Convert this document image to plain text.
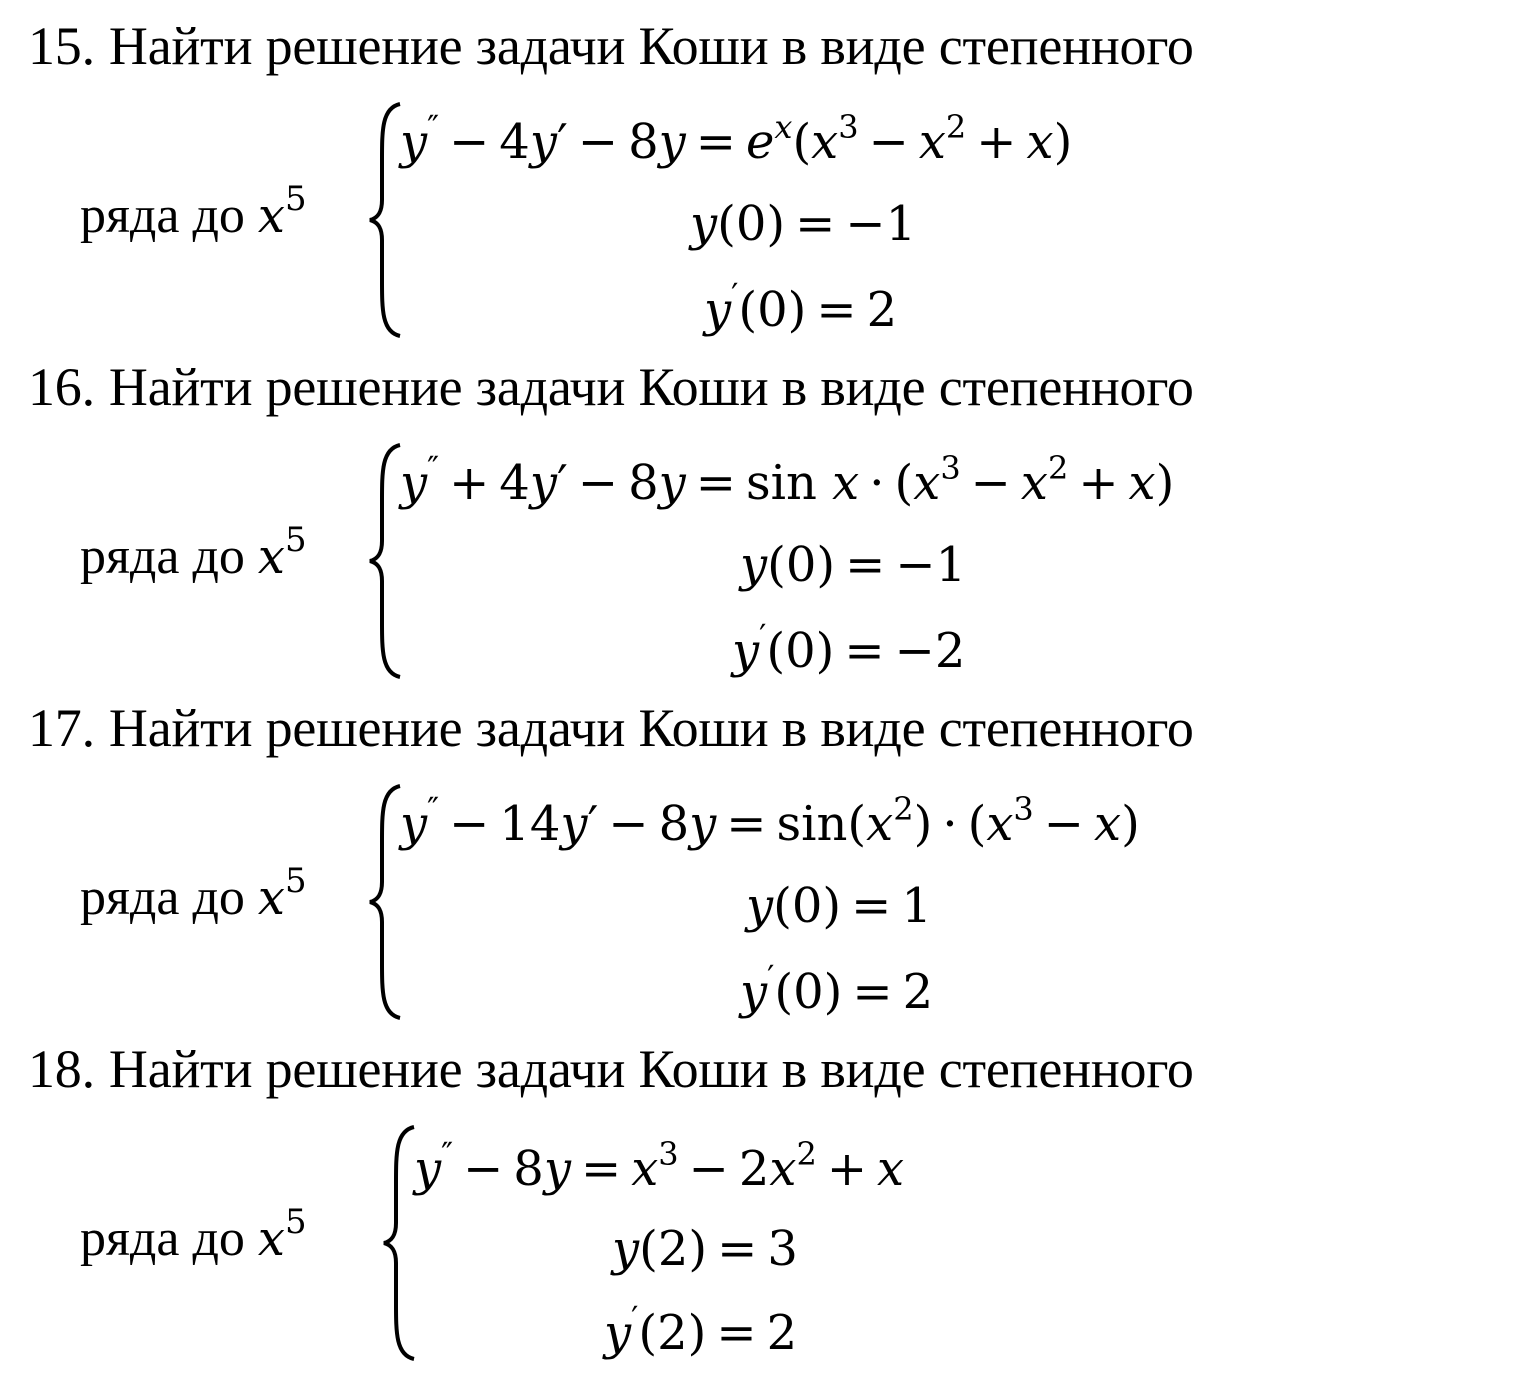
15. Найти решение задачи Коши в виде степенного
ряда до $x^5$
$y'' - 4y' - 8y = e^x(x^3 - x^2 + x)$
y(0) = −1
y′(0) = 2
16. Найти решение задачи Коши в виде степенного
ряда до $x^5$
$y'' + 4y' - 8y = \sin x \cdot (x^3 - x^2 + x)$
y(0) = −1
y′(0) = −2
17. Найти решение задачи Коши в виде степенного
ряда до $x^5$
$y'' - 14y' - 8y = \sin(x^2) \cdot (x^3 - x)$
y(0) = 1
y′(0) = 2
18. Найти решение задачи Коши в виде степенного
ряда до $x^5$
$y'' - 8y = x^3 - 2x^2 + x$
y(2) = 3
y′(2) = 2
